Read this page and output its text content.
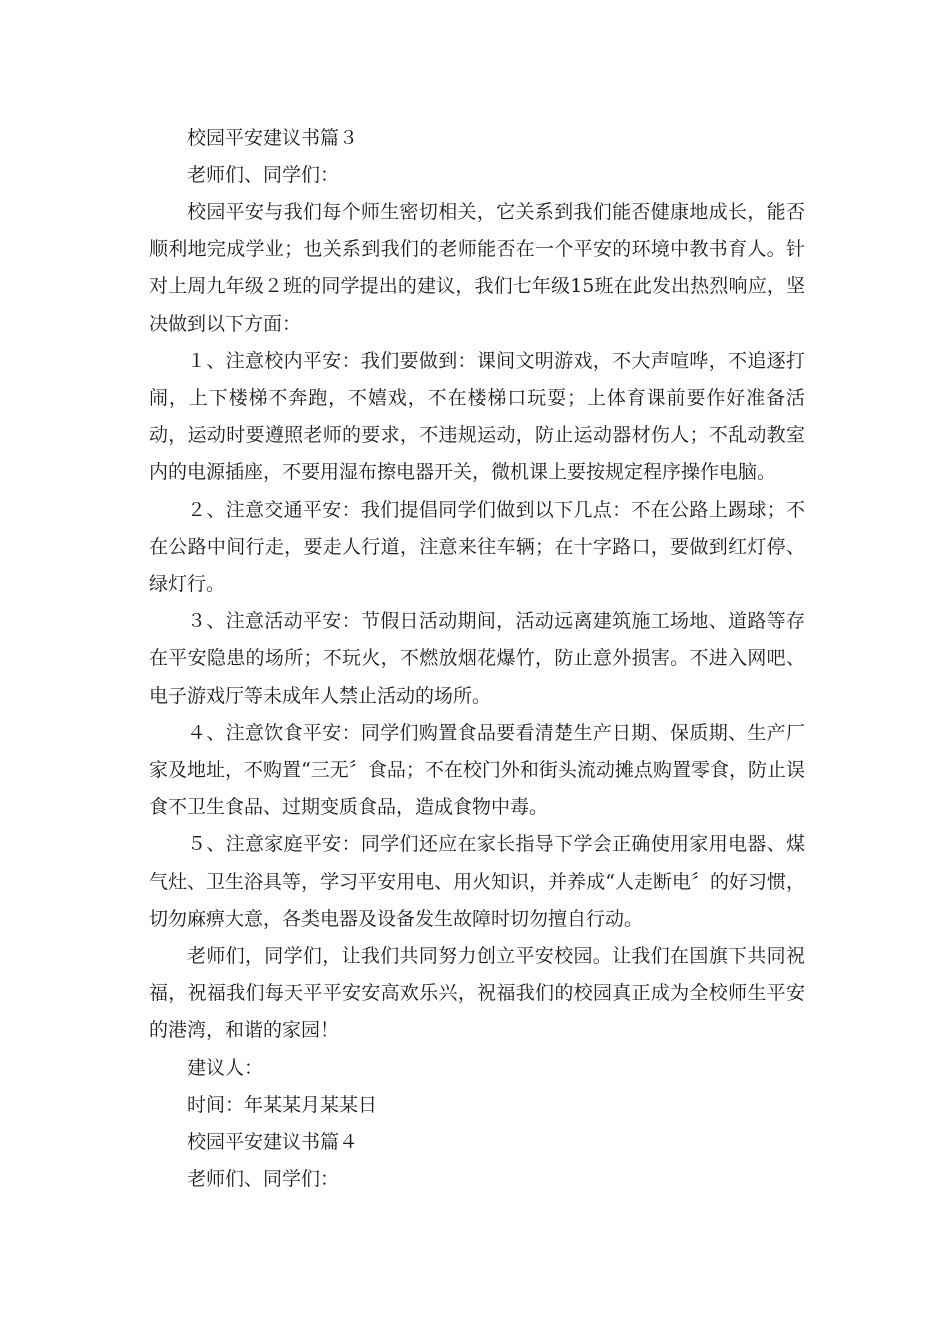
校园平安建议书篇３
老师们、同学们：

校园平安与我们每个师生密切相关，它关系到我们能否健康地成长，能否顺利地完成学业；也关系到我们的老师能否在一个平安的环境中教书育人。针对上周九年级２班的同学提出的建议，我们七年级15班在此发出热烈响应，坚决做到以下方面：

１、注意校内平安：我们要做到：课间文明游戏，不大声喧哗，不追逐打闹，上下楼梯不奔跑，不嬉戏，不在楼梯口玩耍；上体育课前要作好准备活动，运动时要遵照老师的要求，不违规运动，防止运动器材伤人；不乱动教室内的电源插座，不要用湿布擦电器开关，微机课上要按规定程序操作电脑。

２、注意交通平安：我们提倡同学们做到以下几点：不在公路上踢球；不在公路中间行走，要走人行道，注意来往车辆；在十字路口，要做到红灯停、绿灯行。

３、注意活动平安：节假日活动期间，活动远离建筑施工场地、道路等存在平安隐患的场所；不玩火，不燃放烟花爆竹，防止意外损害。不进入网吧、电子游戏厅等未成年人禁止活动的场所。

４、注意饮食平安：同学们购置食品要看清楚生产日期、保质期、生产厂家及地址，不购置“三无〞食品；不在校门外和街头流动摊点购置零食，防止误食不卫生食品、过期变质食品，造成食物中毒。

５、注意家庭平安：同学们还应在家长指导下学会正确使用家用电器、煤气灶、卫生浴具等，学习平安用电、用火知识，并养成“人走断电〞的好习惯，切勿麻痹大意，各类电器及设备发生故障时切勿擅自行动。

老师们，同学们，让我们共同努力创立平安校园。让我们在国旗下共同祝福，祝福我们每天平平安安高欢乐兴，祝福我们的校园真正成为全校师生平安的港湾，和谐的家园！

建议人：
时间：年某某月某某日
校园平安建议书篇４
老师们、同学们：
